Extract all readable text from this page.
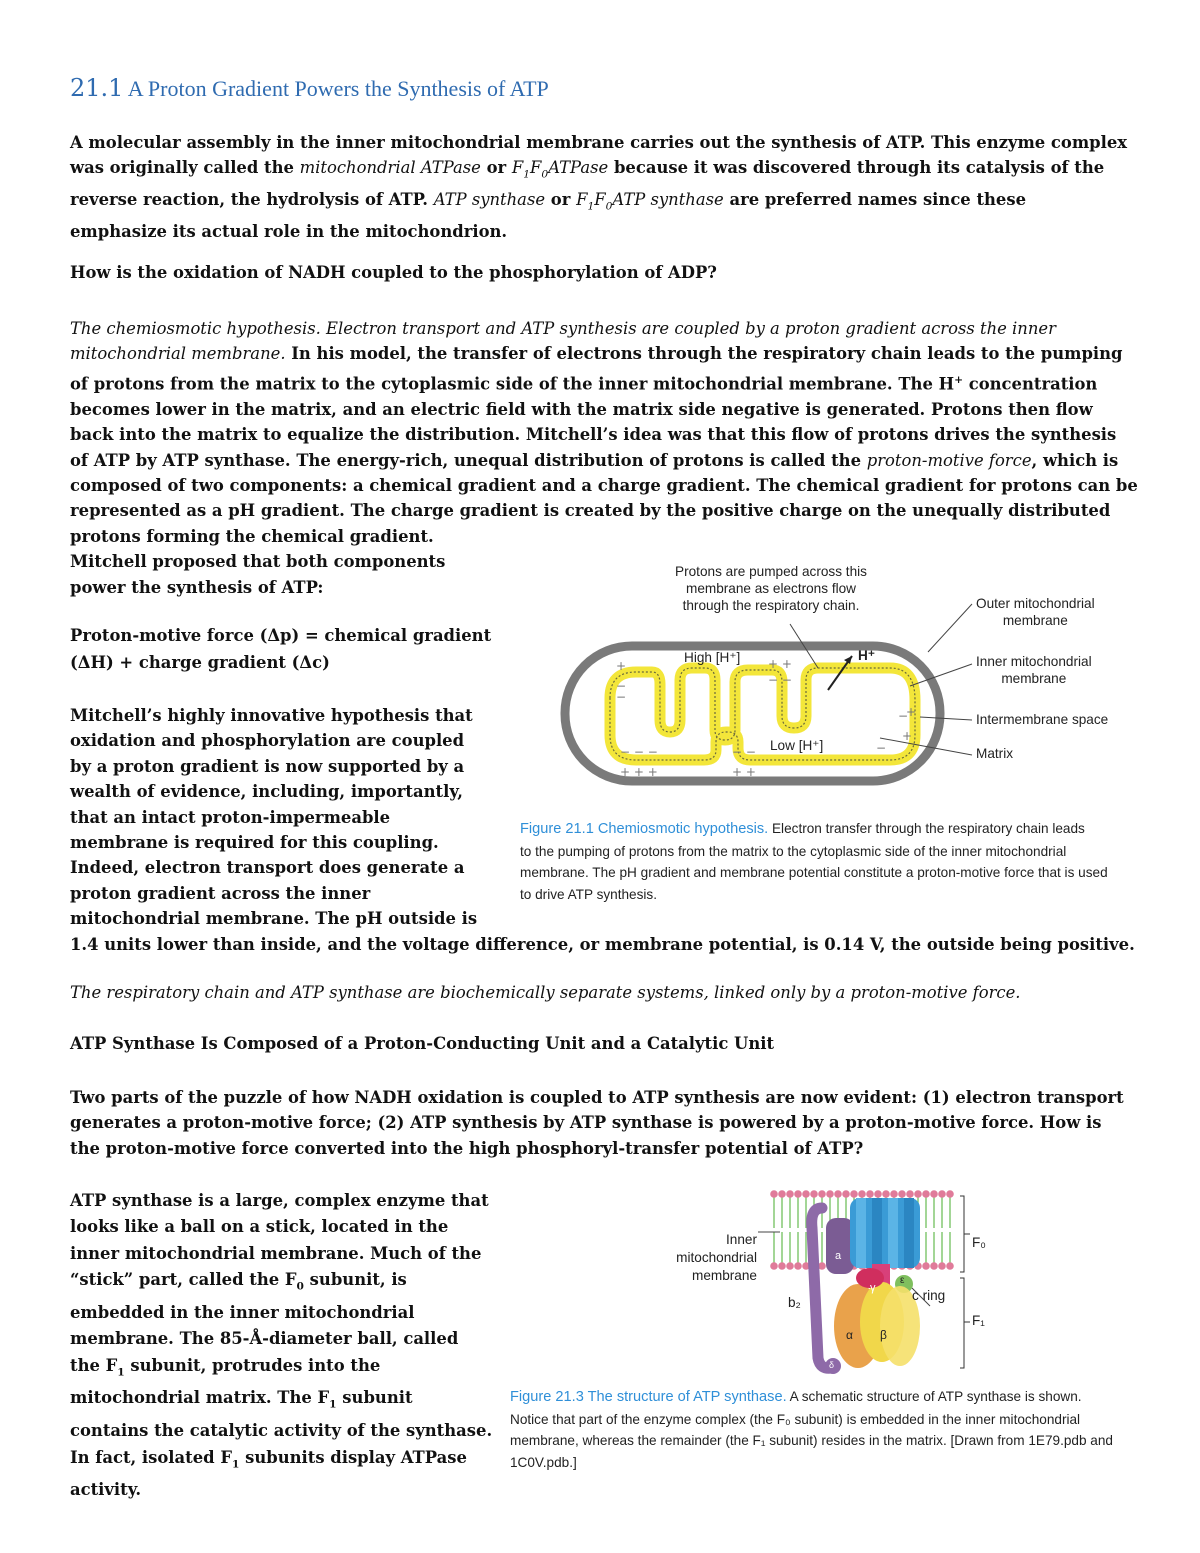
21.1 A Proton Gradient Powers the Synthesis of ATP
A molecular assembly in the inner mitochondrial membrane carries out the synthesis of ATP. This enzyme complex
was originally called the mitochondrial ATPase or $F_1F_0ATPase$ because it was discovered through its catalysis of the
reverse reaction, the hydrolysis of ATP. ATP synthase or $F_1F_0ATP$ synthase are preferred names since these
emphasize its actual role in the mitochondrion.
How is the oxidation of NADH coupled to the phosphorylation of ADP?
The chemiosmotic hypothesis. Electron transport and ATP synthesis are coupled by a proton gradient across the inner
mitochondrial membrane. In his model, the transfer of electrons through the respiratory chain leads to the pumping
of protons from the matrix to the cytoplasmic side of the inner mitochondrial membrane. The H+ concentration
becomes lower in the matrix, and an electric field with the matrix side negative is generated. Protons then flow
back into the matrix to equalize the distribution. Mitchell’s idea was that this flow of protons drives the synthesis
of ATP by ATP synthase. The energy-rich, unequal distribution of protons is called the proton-motive force, which is
composed of two components: a chemical gradient and a charge gradient. The chemical gradient for protons can be
represented as a pH gradient. The charge gradient is created by the positive charge on the unequally distributed
protons forming the chemical gradient.
Mitchell proposed that both components
power the synthesis of ATP:
Proton-motive force (Δp) = chemical gradient
(ΔH) + charge gradient (Δc)
Mitchell’s highly innovative hypothesis that
oxidation and phosphorylation are coupled
by a proton gradient is now supported by a
wealth of evidence, including, importantly,
that an intact proton-impermeable
membrane is required for this coupling.
Indeed, electron transport does generate a
proton gradient across the inner
mitochondrial membrane. The pH outside is
1.4 units lower than inside, and the voltage difference, or membrane potential, is 0.14 V, the outside being positive.
The respiratory chain and ATP synthase are biochemically separate systems, linked only by a proton-motive force.
ATP Synthase Is Composed of a Proton-Conducting Unit and a Catalytic Unit
Two parts of the puzzle of how NADH oxidation is coupled to ATP synthesis are now evident: (1) electron transport
generates a proton-motive force; (2) ATP synthesis by ATP synthase is powered by a proton-motive force. How is
the proton-motive force converted into the high phosphoryl-transfer potential of ATP?
ATP synthase is a large, complex enzyme that
looks like a ball on a stick, located in the
inner mitochondrial membrane. Much of the
“stick” part, called the $F_0$ subunit, is
embedded in the inner mitochondrial
membrane. The 85-Å-diameter ball, called
the $F_1$ subunit, protrudes into the
mitochondrial matrix. The $F_1$ subunit
contains the catalytic activity of the synthase.
In fact, isolated $F_1$ subunits display ATPase
activity.
+
−
−
+ +
− −
− − −
+ + +
− −
+ +
−
+
−
+
Protons are pumped across this
membrane as electrons flow
through the respiratory chain.
High [H⁺]
Low [H⁺]
H⁺
Outer mitochondrial
membrane
Inner mitochondrial
membrane
Intermembrane space
Matrix
Figure 21.1 Chemiosmotic hypothesis. Electron transfer through the respiratory chain leads
to the pumping of protons from the matrix to the cytoplasmic side of the inner mitochondrial
membrane. The pH gradient and membrane potential constitute a proton-motive force that is used
to drive ATP synthesis.
Inner
mitochondrial
membrane
F₀
F₁
c ring
b₂
a
γ
ε
α β
δ
Figure 21.3 The structure of ATP synthase. A schematic structure of ATP synthase is shown.
Notice that part of the enzyme complex (the F₀ subunit) is embedded in the inner mitochondrial
membrane, whereas the remainder (the F₁ subunit) resides in the matrix. [Drawn from 1E79.pdb and
1C0V.pdb.]
